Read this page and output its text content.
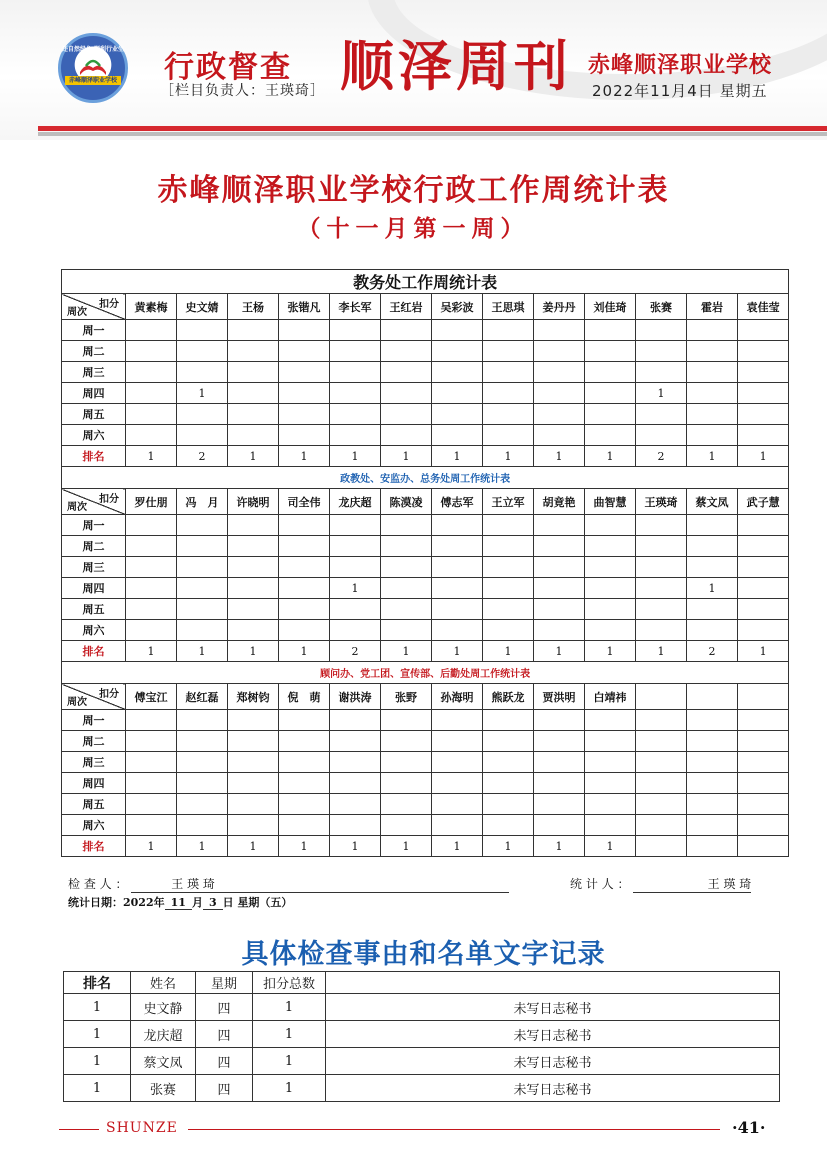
还自然绿色 顺利行业生
赤峰顺泽职业学校 行政督查
［栏目负责人：王瑛琦］ 顺泽周刊 赤峰顺泽职业学校
2022年11月4日 星期五
赤峰顺泽职业学校行政工作周统计表
（十一月第一周）
教务处工作周统计表													

扣分
周次	黄素梅	史文婧	王杨	张锴凡	李长军	王红岩	吴彩波	王思琪	姜丹丹	刘佳琦	张赛	霍岩	袁佳莹
周一													
周二													
周三													
周四		1									1		
周五													
周六													
排名	1	2	1	1	1	1	1	1	1	1	2	1	1
政教处、安监办、总务处周工作统计表													

扣分
周次	罗仕朋	冯　月	许晓明	司全伟	龙庆超	陈漠凌	傅志军	王立军	胡竟艳	曲智慧	王瑛琦	蔡文凤	武子慧
周一													
周二													
周三													
周四					1							1	
周五													
周六													
排名	1	1	1	1	2	1	1	1	1	1	1	2	1
顾问办、党工团、宣传部、后勤处周工作统计表													

扣分
周次	傅宝江	赵红磊	郑树钧	倪　萌	谢洪涛	张野	孙海明	熊跃龙	贾洪明	白靖祎			
周一													
周二													
周三													
周四													
周五													
周六													
排名	1	1	1	1	1	1	1	1	1	1			
检 查 人 ：	王 瑛 琦	统 计 人 ：	王 瑛 琦
统计日期：2022年 11 月 3 日 星期（五）
具体检查事由和名单文字记录
排名	姓名	星期	扣分总数	
1	史文静	四	1	未写日志秘书
1	龙庆超	四	1	未写日志秘书
1	蔡文凤	四	1	未写日志秘书
1	张赛	四	1	未写日志秘书
SHUNZE	·41·
